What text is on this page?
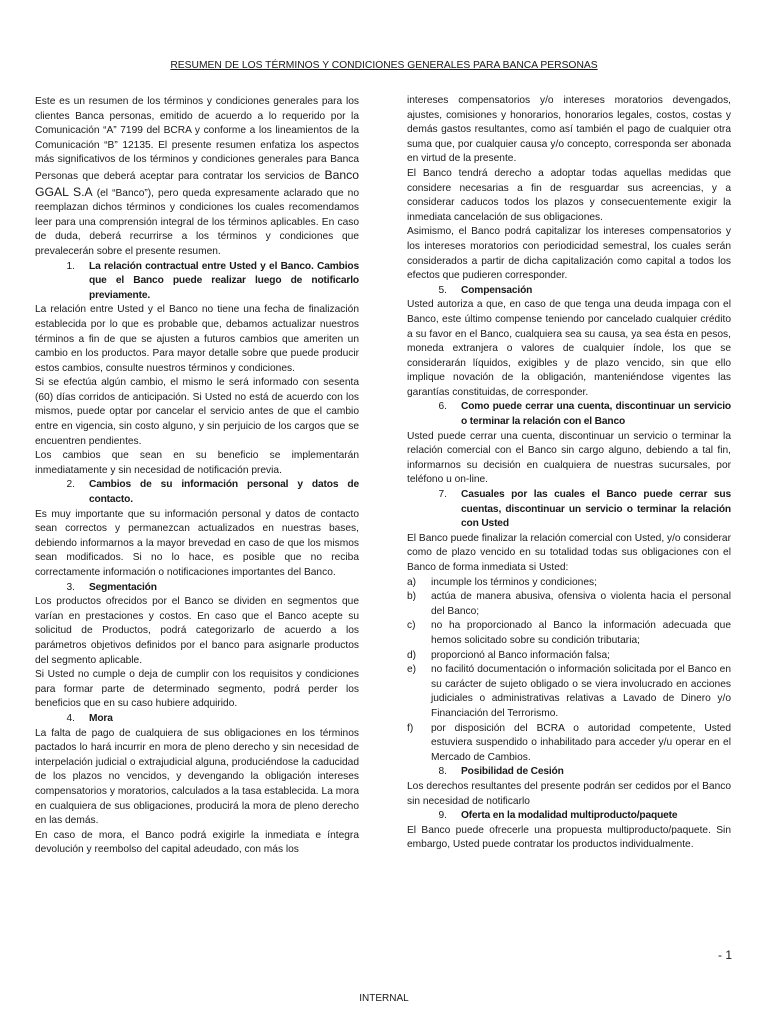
RESUMEN DE LOS TÉRMINOS Y CONDICIONES GENERALES PARA BANCA PERSONAS

Este es un resumen de los términos y condiciones generales para los clientes Banca personas, emitido de acuerdo a lo requerido por la Comunicación “A” 7199 del BCRA y conforme a los lineamientos de la Comunicación “B” 12135. El presente resumen enfatiza los aspectos más significativos de los términos y condiciones generales para Banca Personas que deberá aceptar para contratar los servicios de Banco GGAL S.A (el “Banco”), pero queda expresamente aclarado que no reemplazan dichos términos y condiciones los cuales recomendamos leer para una comprensión integral de los términos aplicables. En caso de duda, deberá recurrirse a los términos y condiciones que prevalecerán sobre el presente resumen.

1.	La relación contractual entre Usted y el Banco. Cambios que el Banco puede realizar luego de notificarlo previamente.

La relación entre Usted y el Banco no tiene una fecha de finalización establecida por lo que es probable que, debamos actualizar nuestros términos a fin de que se ajusten a futuros cambios que ameriten un cambio en los productos. Para mayor detalle sobre que puede producir estos cambios, consulte nuestros términos y condiciones.

Si se efectúa algún cambio, el mismo le será informado con sesenta (60) días corridos de anticipación. Si Usted no está de acuerdo con los mismos, puede optar por cancelar el servicio antes de que el cambio entre en vigencia, sin costo alguno, y sin perjuicio de los cargos que se encuentren pendientes.

Los cambios que sean en su beneficio se implementarán inmediatamente y sin necesidad de notificación previa.

2.	Cambios de su información personal y datos de contacto.

Es muy importante que su información personal y datos de contacto sean correctos y permanezcan actualizados en nuestras bases, debiendo informarnos a la mayor brevedad en caso de que los mismos sean modificados. Si no lo hace, es posible que no reciba correctamente información o notificaciones importantes del Banco.

3.	Segmentación

Los productos ofrecidos por el Banco se dividen en segmentos que varían en prestaciones y costos. En caso que el Banco acepte su solicitud de Productos, podrá categorizarlo de acuerdo a los parámetros objetivos definidos por el banco para asignarle productos del segmento aplicable.

Si Usted no cumple o deja de cumplir con los requisitos y condiciones para formar parte de determinado segmento, podrá perder los beneficios que en su caso hubiere adquirido.

4.	Mora

La falta de pago de cualquiera de sus obligaciones en los términos pactados lo hará incurrir en mora de pleno derecho y sin necesidad de interpelación judicial o extrajudicial alguna, produciéndose la caducidad de los plazos no vencidos, y devengando la obligación intereses compensatorios y moratorios, calculados a la tasa establecida. La mora en cualquiera de sus obligaciones, producirá la mora de pleno derecho en las demás.

En caso de mora, el Banco podrá exigirle la inmediata e íntegra devolución y reembolso del capital adeudado, con más los

intereses compensatorios y/o intereses moratorios devengados, ajustes, comisiones y honorarios, honorarios legales, costos, costas y demás gastos resultantes, como así también el pago de cualquier otra suma que, por cualquier causa y/o concepto, corresponda ser abonada en virtud de la presente.

El Banco tendrá derecho a adoptar todas aquellas medidas que considere necesarias a fin de resguardar sus acreencias, y a considerar caducos todos los plazos y consecuentemente exigir la inmediata cancelación de sus obligaciones.

Asimismo, el Banco podrá capitalizar los intereses compensatorios y los intereses moratorios con periodicidad semestral, los cuales serán considerados a partir de dicha capitalización como capital a todos los efectos que pudieren corresponder.

5.	Compensación

Usted autoriza a que, en caso de que tenga una deuda impaga con el Banco, este último compense teniendo por cancelado cualquier crédito a su favor en el Banco, cualquiera sea su causa, ya sea ésta en pesos, moneda extranjera o valores de cualquier índole, los que se considerarán líquidos, exigibles y de plazo vencido, sin que ello implique novación de la obligación, manteniéndose vigentes las garantías constituidas, de corresponder.

6.	Como puede cerrar una cuenta, discontinuar un servicio o terminar la relación con el Banco

Usted puede cerrar una cuenta, discontinuar un servicio o terminar la relación comercial con el Banco sin cargo alguno, debiendo a tal fin, informarnos su decisión en cualquiera de nuestras sucursales, por teléfono u on-line.

7.	Casuales por las cuales el Banco puede cerrar sus cuentas, discontinuar un servicio o terminar la relación con Usted

El Banco puede finalizar la relación comercial con Usted, y/o considerar como de plazo vencido en su totalidad todas sus obligaciones con el Banco de forma inmediata si Usted:

a)	incumple los términos y condiciones;
b)	actúa de manera abusiva, ofensiva o violenta hacia el personal del Banco;
c)	no ha proporcionado al Banco la información adecuada que hemos solicitado sobre su condición tributaria;
d)	proporcionó al Banco información falsa;
e)	no facilitó documentación o información solicitada por el Banco en su carácter de sujeto obligado o se viera involucrado en acciones judiciales o administrativas relativas a Lavado de Dinero y/o Financiación del Terrorismo.
f)	por disposición del BCRA o autoridad competente, Usted estuviera suspendido o inhabilitado para acceder y/u operar en el Mercado de Cambios.
8.	Posibilidad de Cesión

Los derechos resultantes del presente podrán ser cedidos por el Banco sin necesidad de notificarlo

9.	Oferta en la modalidad multiproducto/paquete

El Banco puede ofrecerle una propuesta multiproducto/paquete. Sin embargo, Usted puede contratar los productos individualmente.

- 1
INTERNAL
